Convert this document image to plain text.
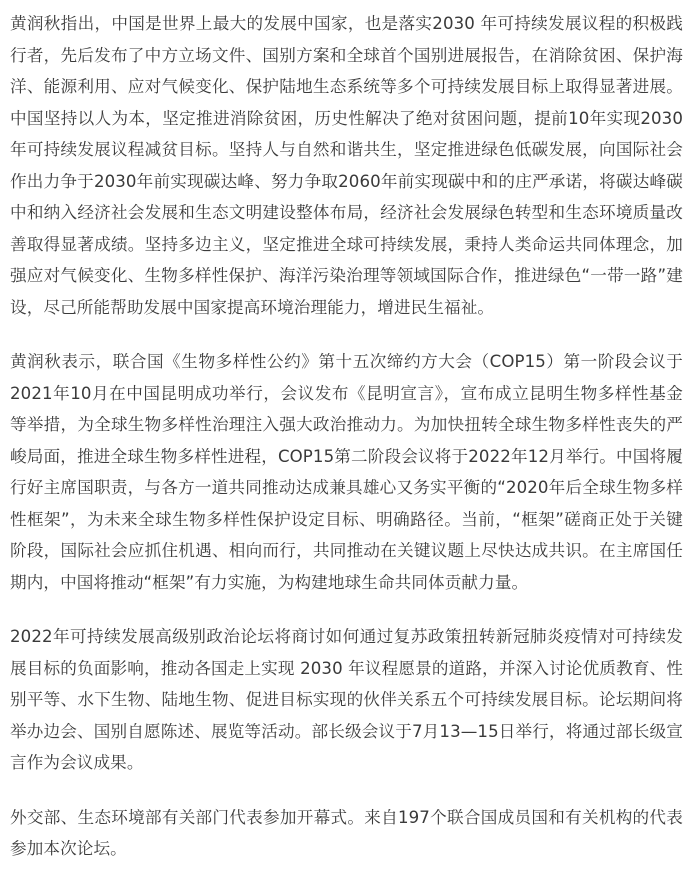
黄润秋指出，中国是世界上最大的发展中国家，也是落实2030 年可持续发展议程的积极践行者，先后发布了中方立场文件、国别方案和全球首个国别进展报告，在消除贫困、保护海洋、能源利用、应对气候变化、保护陆地生态系统等多个可持续发展目标上取得显著进展。中国坚持以人为本，坚定推进消除贫困，历史性解决了绝对贫困问题，提前10年实现2030年可持续发展议程减贫目标。坚持人与自然和谐共生，坚定推进绿色低碳发展，向国际社会作出力争于2030年前实现碳达峰、努力争取2060年前实现碳中和的庄严承诺，将碳达峰碳中和纳入经济社会发展和生态文明建设整体布局，经济社会发展绿色转型和生态环境质量改善取得显著成绩。坚持多边主义，坚定推进全球可持续发展，秉持人类命运共同体理念，加强应对气候变化、生物多样性保护、海洋污染治理等领域国际合作，推进绿色“一带一路”建设，尽己所能帮助发展中国家提高环境治理能力，增进民生福祉。

黄润秋表示，联合国《生物多样性公约》第十五次缔约方大会（COP15）第一阶段会议于2021年10月在中国昆明成功举行，会议发布《昆明宣言》，宣布成立昆明生物多样性基金等举措，为全球生物多样性治理注入强大政治推动力。为加快扭转全球生物多样性丧失的严峻局面，推进全球生物多样性进程，COP15第二阶段会议将于2022年12月举行。中国将履行好主席国职责，与各方一道共同推动达成兼具雄心又务实平衡的“2020年后全球生物多样性框架”，为未来全球生物多样性保护设定目标、明确路径。当前，“框架”磋商正处于关键阶段，国际社会应抓住机遇、相向而行，共同推动在关键议题上尽快达成共识。在主席国任期内，中国将推动“框架”有力实施，为构建地球生命共同体贡献力量。

2022年可持续发展高级别政治论坛将商讨如何通过复苏政策扭转新冠肺炎疫情对可持续发展目标的负面影响，推动各国走上实现 2030 年议程愿景的道路，并深入讨论优质教育、性别平等、水下生物、陆地生物、促进目标实现的伙伴关系五个可持续发展目标。论坛期间将举办边会、国别自愿陈述、展览等活动。部长级会议于7月13—15日举行，将通过部长级宣言作为会议成果。

外交部、生态环境部有关部门代表参加开幕式。来自197个联合国成员国和有关机构的代表参加本次论坛。
